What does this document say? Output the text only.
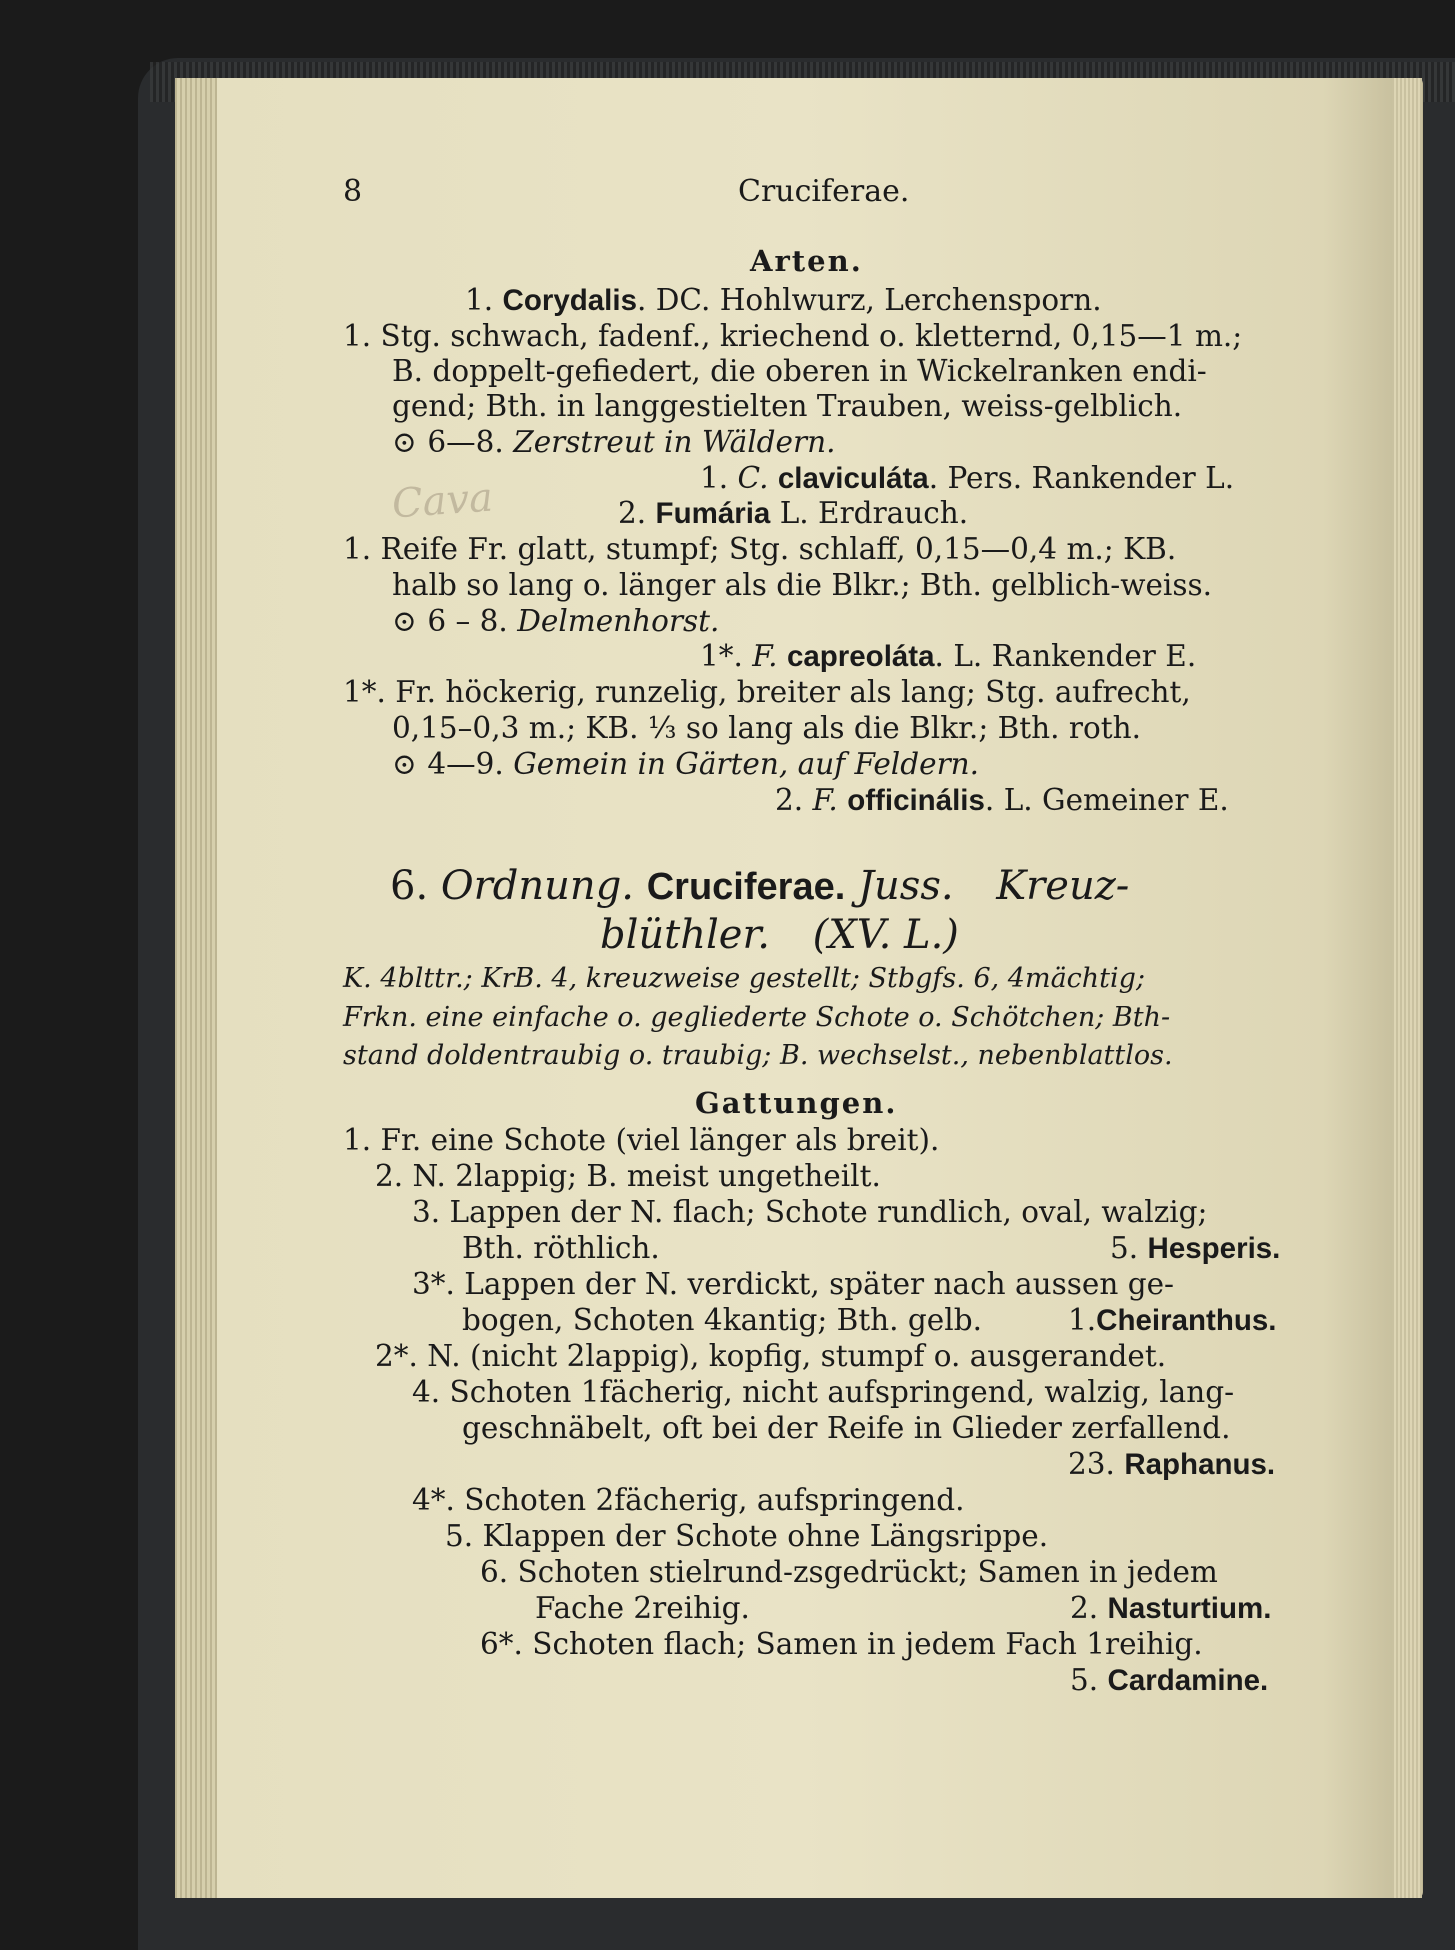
8	Cruciferae.
Arten.
1. Corydalis. DC. Hohlwurz, Lerchensporn.
1. Stg. schwach, fadenf., kriechend o. kletternd, 0,15—1 m.;
B. doppelt-gefiedert, die oberen in Wickelranken endi-
gend; Bth. in langgestielten Trauben, weiss-gelblich.
⊙ 6—8. Zerstreut in Wäldern.
1. C. claviculáta. Pers. Rankender L.
Cava	2. Fumária L. Erdrauch.
1. Reife Fr. glatt, stumpf; Stg. schlaff, 0,15—0,4 m.; KB.
halb so lang o. länger als die Blkr.; Bth. gelblich-weiss.
⊙ 6 – 8. Delmenhorst.
1*. F. capreoláta. L. Rankender E.
1*. Fr. höckerig, runzelig, breiter als lang; Stg. aufrecht,
0,15–0,3 m.; KB. ⅓ so lang als die Blkr.; Bth. roth.
⊙ 4—9. Gemein in Gärten, auf Feldern.
2. F. officinális. L. Gemeiner E.
6. Ordnung. Cruciferae. Juss. Kreuz-
blüthler. (XV. L.)
K. 4blttr.; KrB. 4, kreuzweise gestellt; Stbgfs. 6, 4mächtig;
Frkn. eine einfache o. gegliederte Schote o. Schötchen; Bth-
stand doldentraubig o. traubig; B. wechselst., nebenblattlos.
Gattungen.
1. Fr. eine Schote (viel länger als breit).
2. N. 2lappig; B. meist ungetheilt.
3. Lappen der N. flach; Schote rundlich, oval, walzig;
Bth. röthlich.	5. Hesperis.
3*. Lappen der N. verdickt, später nach aussen ge-
bogen, Schoten 4kantig; Bth. gelb.	1.Cheiranthus.
2*. N. (nicht 2lappig), kopfig, stumpf o. ausgerandet.
4. Schoten 1fächerig, nicht aufspringend, walzig, lang-
geschnäbelt, oft bei der Reife in Glieder zerfallend.
23. Raphanus.
4*. Schoten 2fächerig, aufspringend.
5. Klappen der Schote ohne Längsrippe.
6. Schoten stielrund-zsgedrückt; Samen in jedem
Fache 2reihig.	2. Nasturtium.
6*. Schoten flach; Samen in jedem Fach 1reihig.
5. Cardamine.
